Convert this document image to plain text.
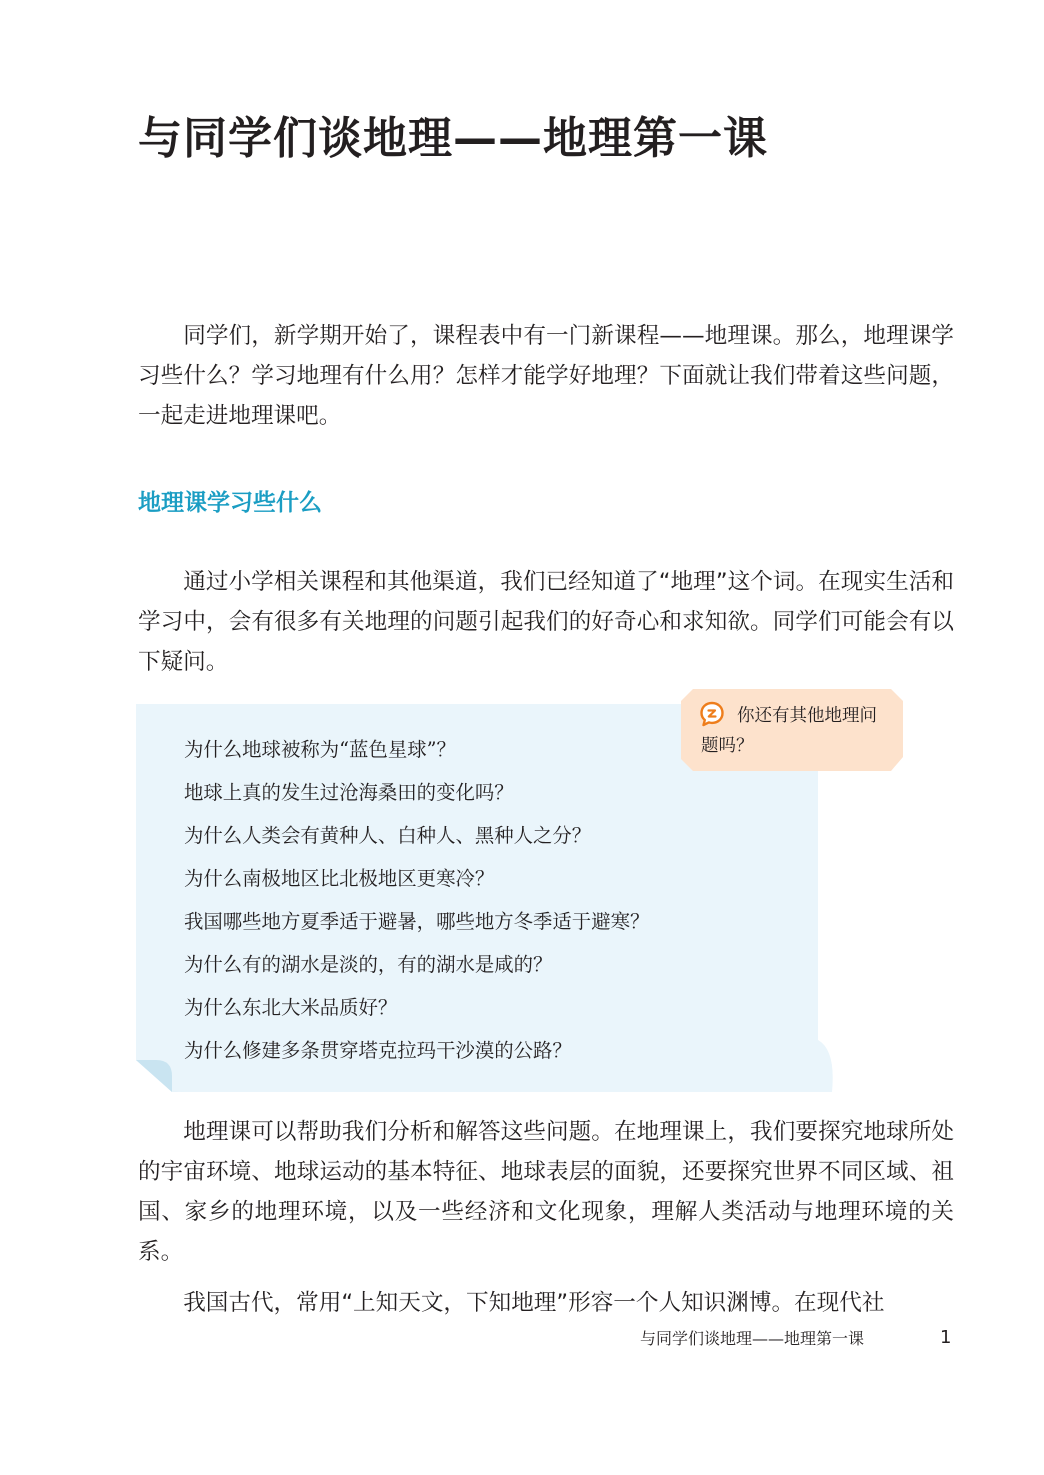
与同学们谈地理——地理第一课

同学们，新学期开始了，课程表中有一门新课程——地理课。那么，地理课学习些什么？学习地理有什么用？怎样才能学好地理？下面就让我们带着这些问题，一起走进地理课吧。

地理课学习些什么

通过小学相关课程和其他渠道，我们已经知道了“地理”这个词。在现实生活和学习中，会有很多有关地理的问题引起我们的好奇心和求知欲。同学们可能会有以下疑问。

为什么地球被称为“蓝色星球”？
地球上真的发生过沧海桑田的变化吗？
为什么人类会有黄种人、白种人、黑种人之分？
为什么南极地区比北极地区更寒冷？
我国哪些地方夏季适于避暑，哪些地方冬季适于避寒？
为什么有的湖水是淡的，有的湖水是咸的？
为什么东北大米品质好？
为什么修建多条贯穿塔克拉玛干沙漠的公路？

你还有其他地理问题吗？

地理课可以帮助我们分析和解答这些问题。在地理课上，我们要探究地球所处的宇宙环境、地球运动的基本特征、地球表层的面貌，还要探究世界不同区域、祖国、家乡的地理环境，以及一些经济和文化现象，理解人类活动与地理环境的关系。

我国古代，常用“上知天文，下知地理”形容一个人知识渊博。在现代社

与同学们谈地理——地理第一课	1
